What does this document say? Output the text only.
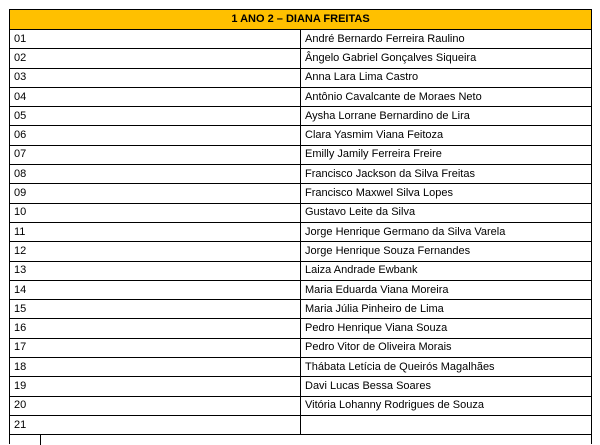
1 ANO 2 – DIANA FREITAS	
01	André Bernardo Ferreira Raulino
02	Ângelo Gabriel Gonçalves Siqueira
03	Anna Lara Lima Castro
04	Antônio Cavalcante de Moraes Neto
05	Aysha Lorrane Bernardino de Lira
06	Clara Yasmim Viana Feitoza
07	Emilly Jamily Ferreira Freire
08	Francisco Jackson da Silva Freitas
09	Francisco Maxwel Silva Lopes
10	Gustavo Leite da Silva
11	Jorge Henrique Germano da Silva Varela
12	Jorge Henrique Souza Fernandes
13	Laiza Andrade Ewbank
14	Maria Eduarda Viana Moreira
15	Maria Júlia Pinheiro de Lima
16	Pedro Henrique Viana Souza
17	Pedro Vitor de Oliveira Morais
18	Thábata Letícia de Queirós Magalhães
19	Davi Lucas Bessa Soares
20	Vitória Lohanny Rodrigues de Souza
21	
